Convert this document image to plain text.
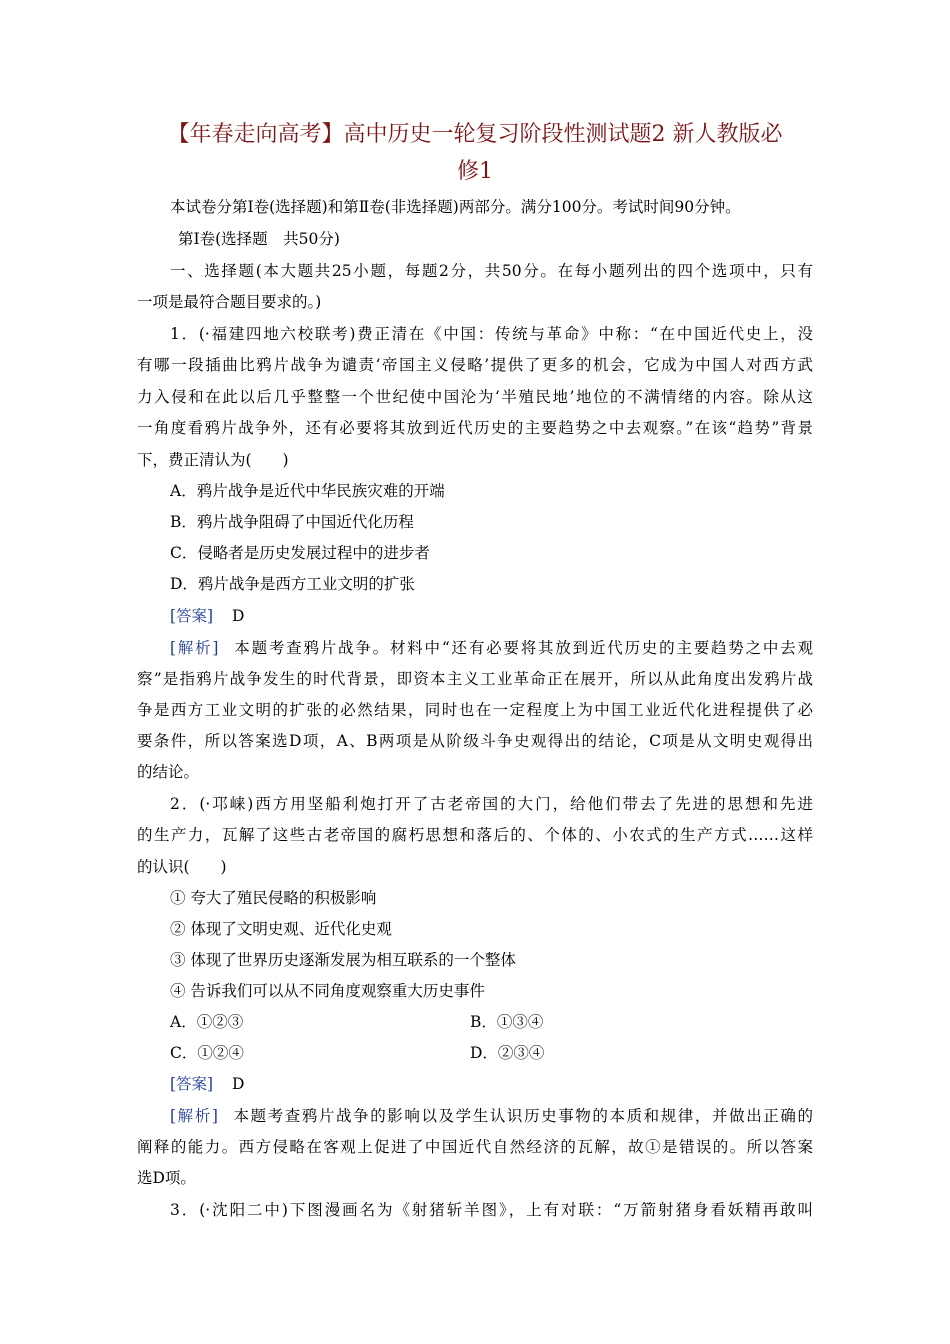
【年春走向高考】高中历史一轮复习阶段性测试题2 新人教版必
修1
本试卷分第Ⅰ卷(选择题)和第Ⅱ卷(非选择题)两部分。满分100分。考试时间90分钟。
第Ⅰ卷(选择题　共50分)
一、选择题(本大题共25小题，每题2分，共50分。在每小题列出的四个选项中，只有
一项是最符合题目要求的。)
1．(·福建四地六校联考)费正清在《中国：传统与革命》中称：“在中国近代史上，没
有哪一段插曲比鸦片战争为谴责‘帝国主义侵略’提供了更多的机会，它成为中国人对西方武
力入侵和在此以后几乎整整一个世纪使中国沦为‘半殖民地’地位的不满情绪的内容。除从这
一角度看鸦片战争外，还有必要将其放到近代历史的主要趋势之中去观察。”在该“趋势”背景
下，费正清认为(　　)
A．鸦片战争是近代中华民族灾难的开端
B．鸦片战争阻碍了中国近代化历程
C．侵略者是历史发展过程中的进步者
D．鸦片战争是西方工业文明的扩张
[答案] D
[解析] 本题考查鸦片战争。材料中“还有必要将其放到近代历史的主要趋势之中去观
察”是指鸦片战争发生的时代背景，即资本主义工业革命正在展开，所以从此角度出发鸦片战
争是西方工业文明的扩张的必然结果，同时也在一定程度上为中国工业近代化进程提供了必
要条件，所以答案选D项，A、B两项是从阶级斗争史观得出的结论，C项是从文明史观得出
的结论。
2．(·邛崃)西方用坚船利炮打开了古老帝国的大门，给他们带去了先进的思想和先进
的生产力，瓦解了这些古老帝国的腐朽思想和落后的、个体的、小农式的生产方式……这样
的认识(　　)
① 夸大了殖民侵略的积极影响
② 体现了文明史观、近代化史观
③ 体现了世界历史逐渐发展为相互联系的一个整体
④ 告诉我们可以从不同角度观察重大历史事件
A．①②③	B．①③④
C．①②④	D．②③④
[答案] D
[解析] 本题考查鸦片战争的影响以及学生认识历史事物的本质和规律，并做出正确的
阐释的能力。西方侵略在客观上促进了中国近代自然经济的瓦解，故①是错误的。所以答案
选D项。
3．(·沈阳二中)下图漫画名为《射猪斩羊图》，上有对联：“万箭射猪身看妖精再敢叫
